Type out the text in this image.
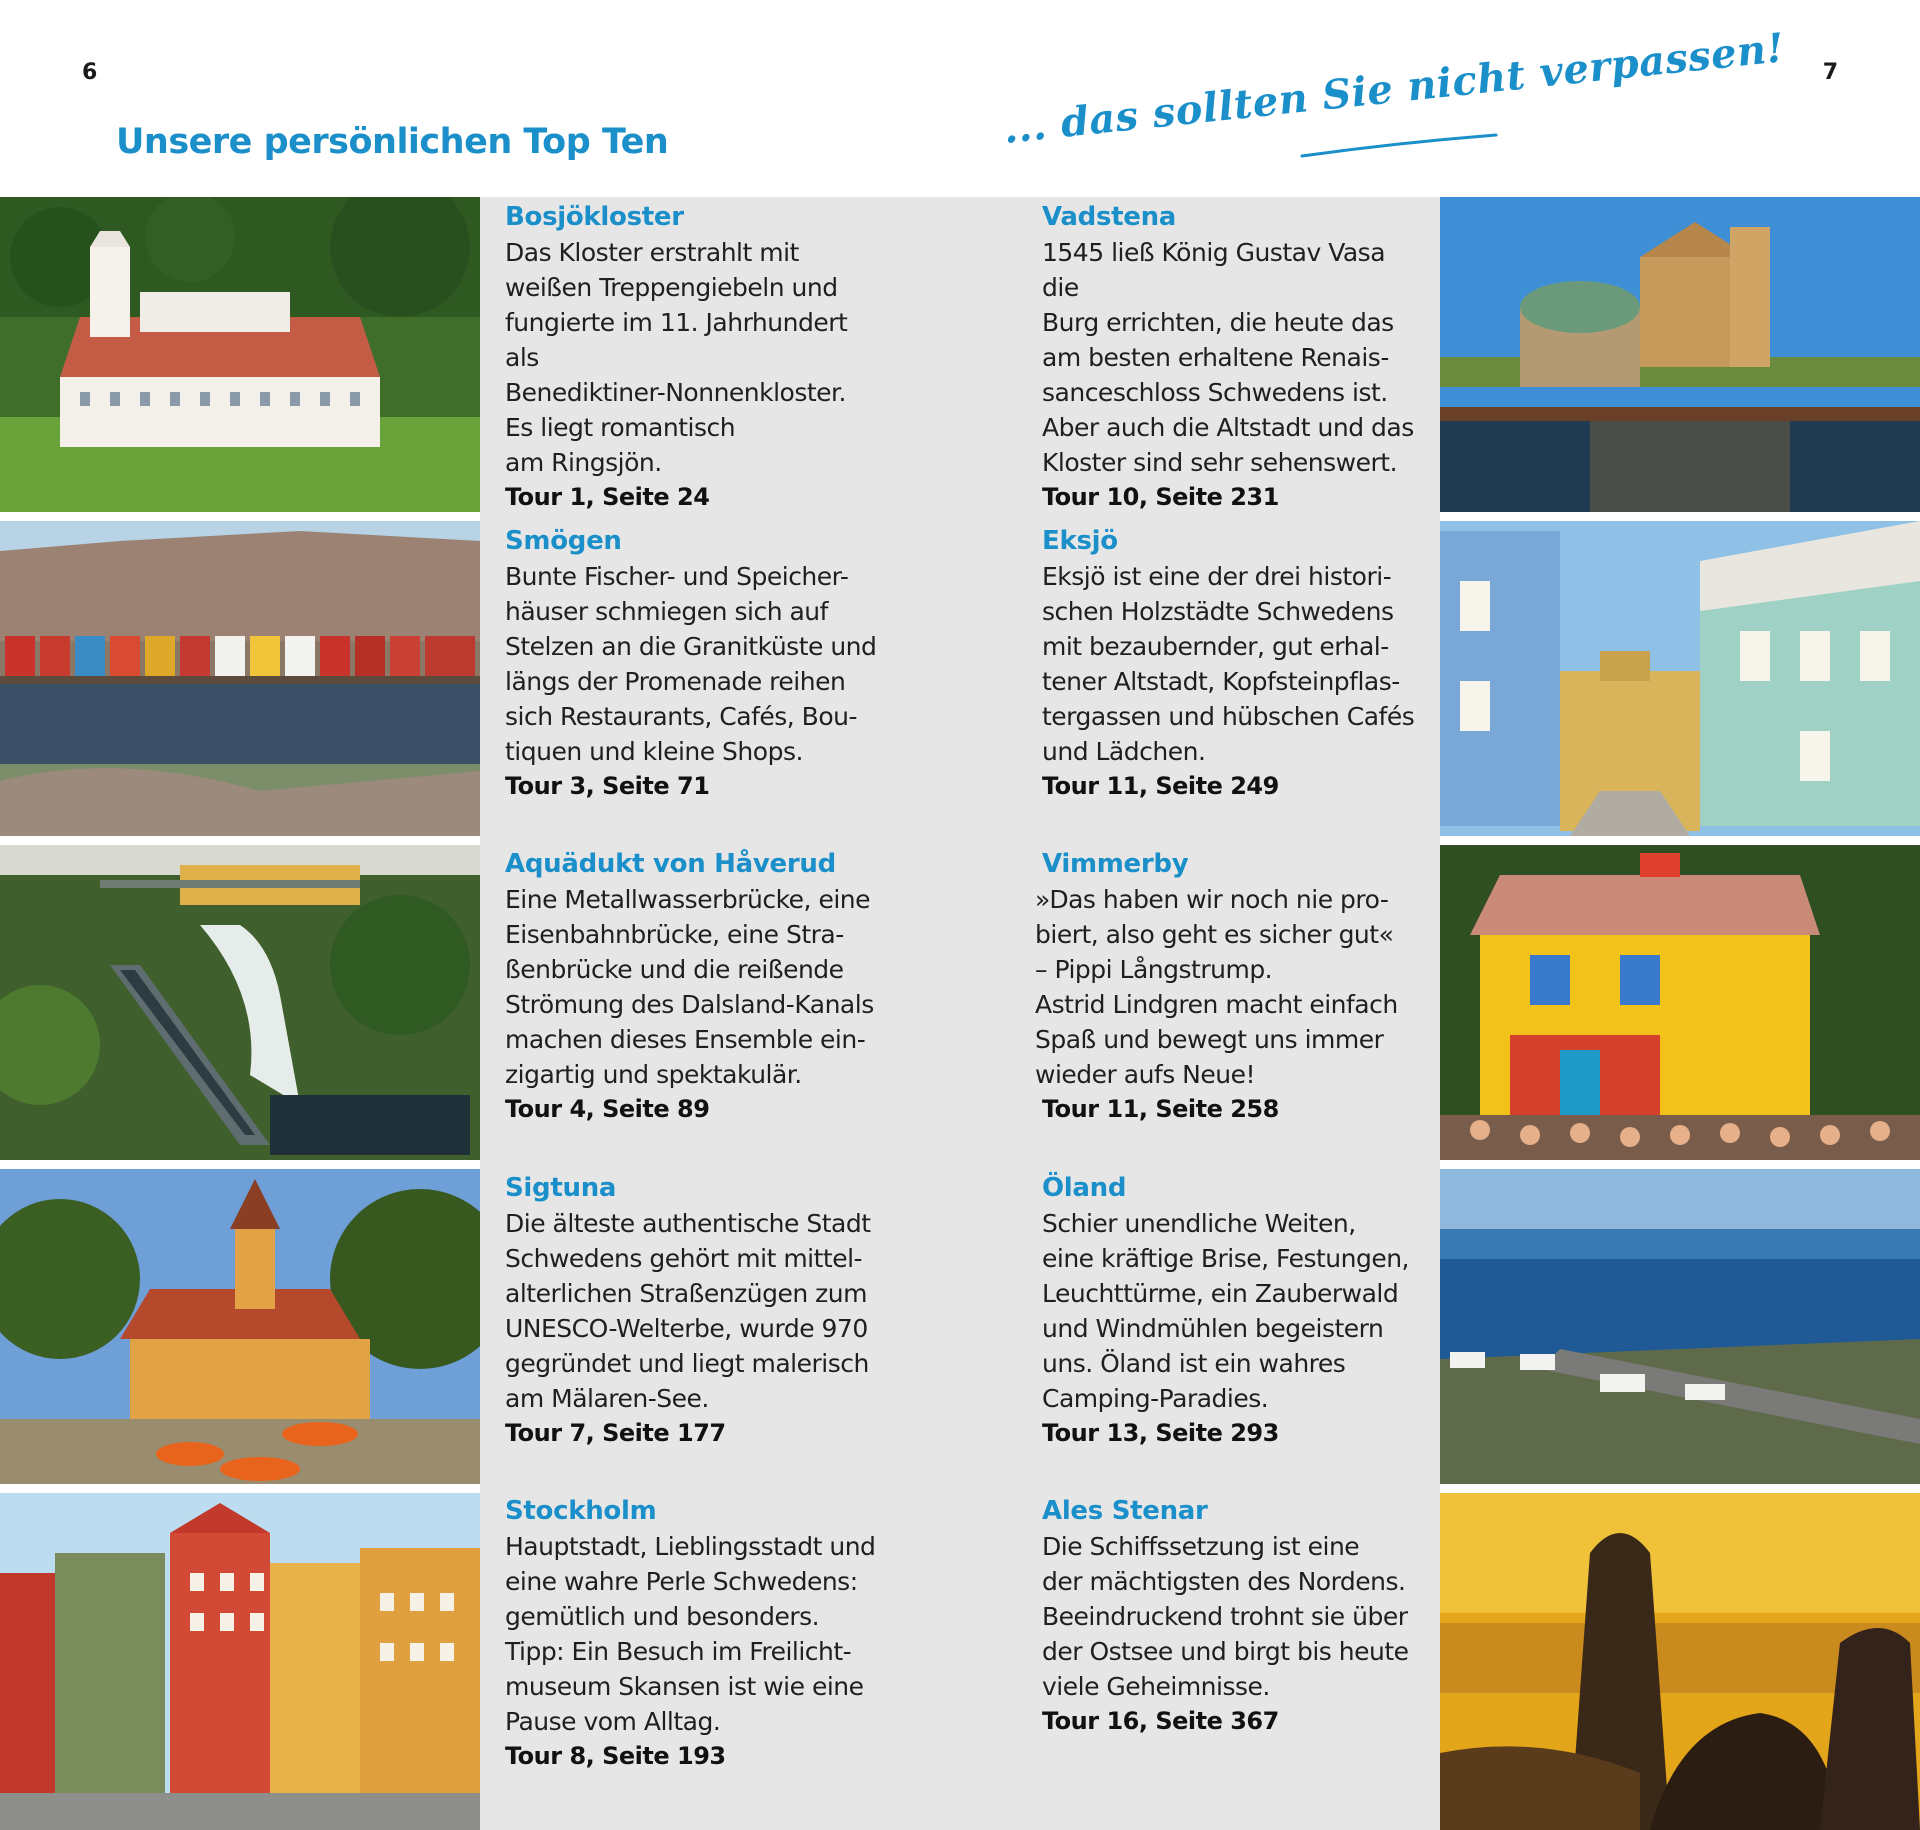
6	7
Unsere persönlichen Top Ten	... das sollten Sie nicht verpassen!
Bosjökloster
Das Kloster erstrahlt mit
weißen Treppengiebeln und
fungierte im 11. Jahrhundert als
Benediktiner-Nonnenkloster.
Es liegt romantisch
am Ringsjön.
Tour 1, Seite 24
Smögen
Bunte Fischer- und Speicher-
häuser schmiegen sich auf
Stelzen an die Granitküste und
längs der Promenade reihen
sich Restaurants, Cafés, Bou-
tiquen und kleine Shops.
Tour 3, Seite 71
Aquädukt von Håverud
Eine Metallwasserbrücke, eine
Eisenbahnbrücke, eine Stra-
ßenbrücke und die reißende
Strömung des Dalsland-Kanals
machen dieses Ensemble ein-
zigartig und spektakulär.
Tour 4, Seite 89
Sigtuna
Die älteste authentische Stadt
Schwedens gehört mit mittel-
alterlichen Straßenzügen zum
UNESCO-Welterbe, wurde 970
gegründet und liegt malerisch
am Mälaren-See.
Tour 7, Seite 177
Stockholm
Hauptstadt, Lieblingsstadt und
eine wahre Perle Schwedens:
gemütlich und besonders.
Tipp: Ein Besuch im Freilicht-
museum Skansen ist wie eine
Pause vom Alltag.
Tour 8, Seite 193
Vadstena
1545 ließ König Gustav Vasa die
Burg errichten, die heute das
am besten erhaltene Renais-
sanceschloss Schwedens ist.
Aber auch die Altstadt und das
Kloster sind sehr sehenswert.
Tour 10, Seite 231
Eksjö
Eksjö ist eine der drei histori-
schen Holzstädte Schwedens
mit bezaubernder, gut erhal-
tener Altstadt, Kopfsteinpflas-
tergassen und hübschen Cafés
und Lädchen.
Tour 11, Seite 249
Vimmerby
»Das haben wir noch nie pro-
biert, also geht es sicher gut«
– Pippi Långstrump.
Astrid Lindgren macht einfach
Spaß und bewegt uns immer
wieder aufs Neue!
Tour 11, Seite 258
Öland
Schier unendliche Weiten,
eine kräftige Brise, Festungen,
Leuchttürme, ein Zauberwald
und Windmühlen begeistern
uns. Öland ist ein wahres
Camping-Paradies.
Tour 13, Seite 293
Ales Stenar
Die Schiffssetzung ist eine
der mächtigsten des Nordens.
Beeindruckend trohnt sie über
der Ostsee und birgt bis heute
viele Geheimnisse.
Tour 16, Seite 367
